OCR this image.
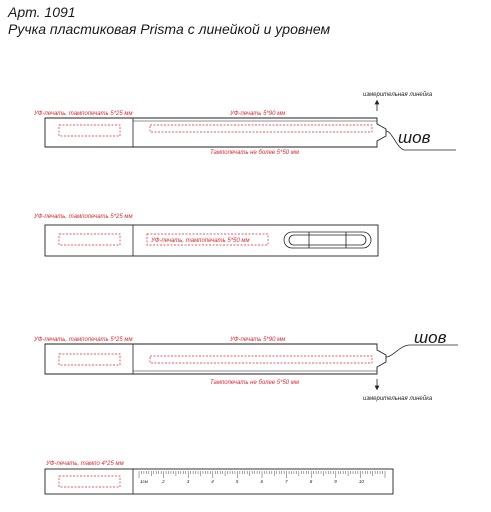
Арт. 1091
Ручка пластиковая Prisma с линейкой и уровнем
УФ-печать, тампопечать 5*25 мм	УФ-печать 5*90 мм
измерительная линейка
Тампопечать не более 5*50 мм
шов
УФ-печать, тампопечать 5*25 мм
УФ-печать, тампопечать 5*50 мм
УФ-печать, тампопечать 5*25 мм	УФ-печать 5*90 мм
Тампопечать не более 5*50 мм
шов
измерительная линейка
УФ-печать, тампо 4*25 мм
1см	2	3	4	5	6	7	8	9	10
